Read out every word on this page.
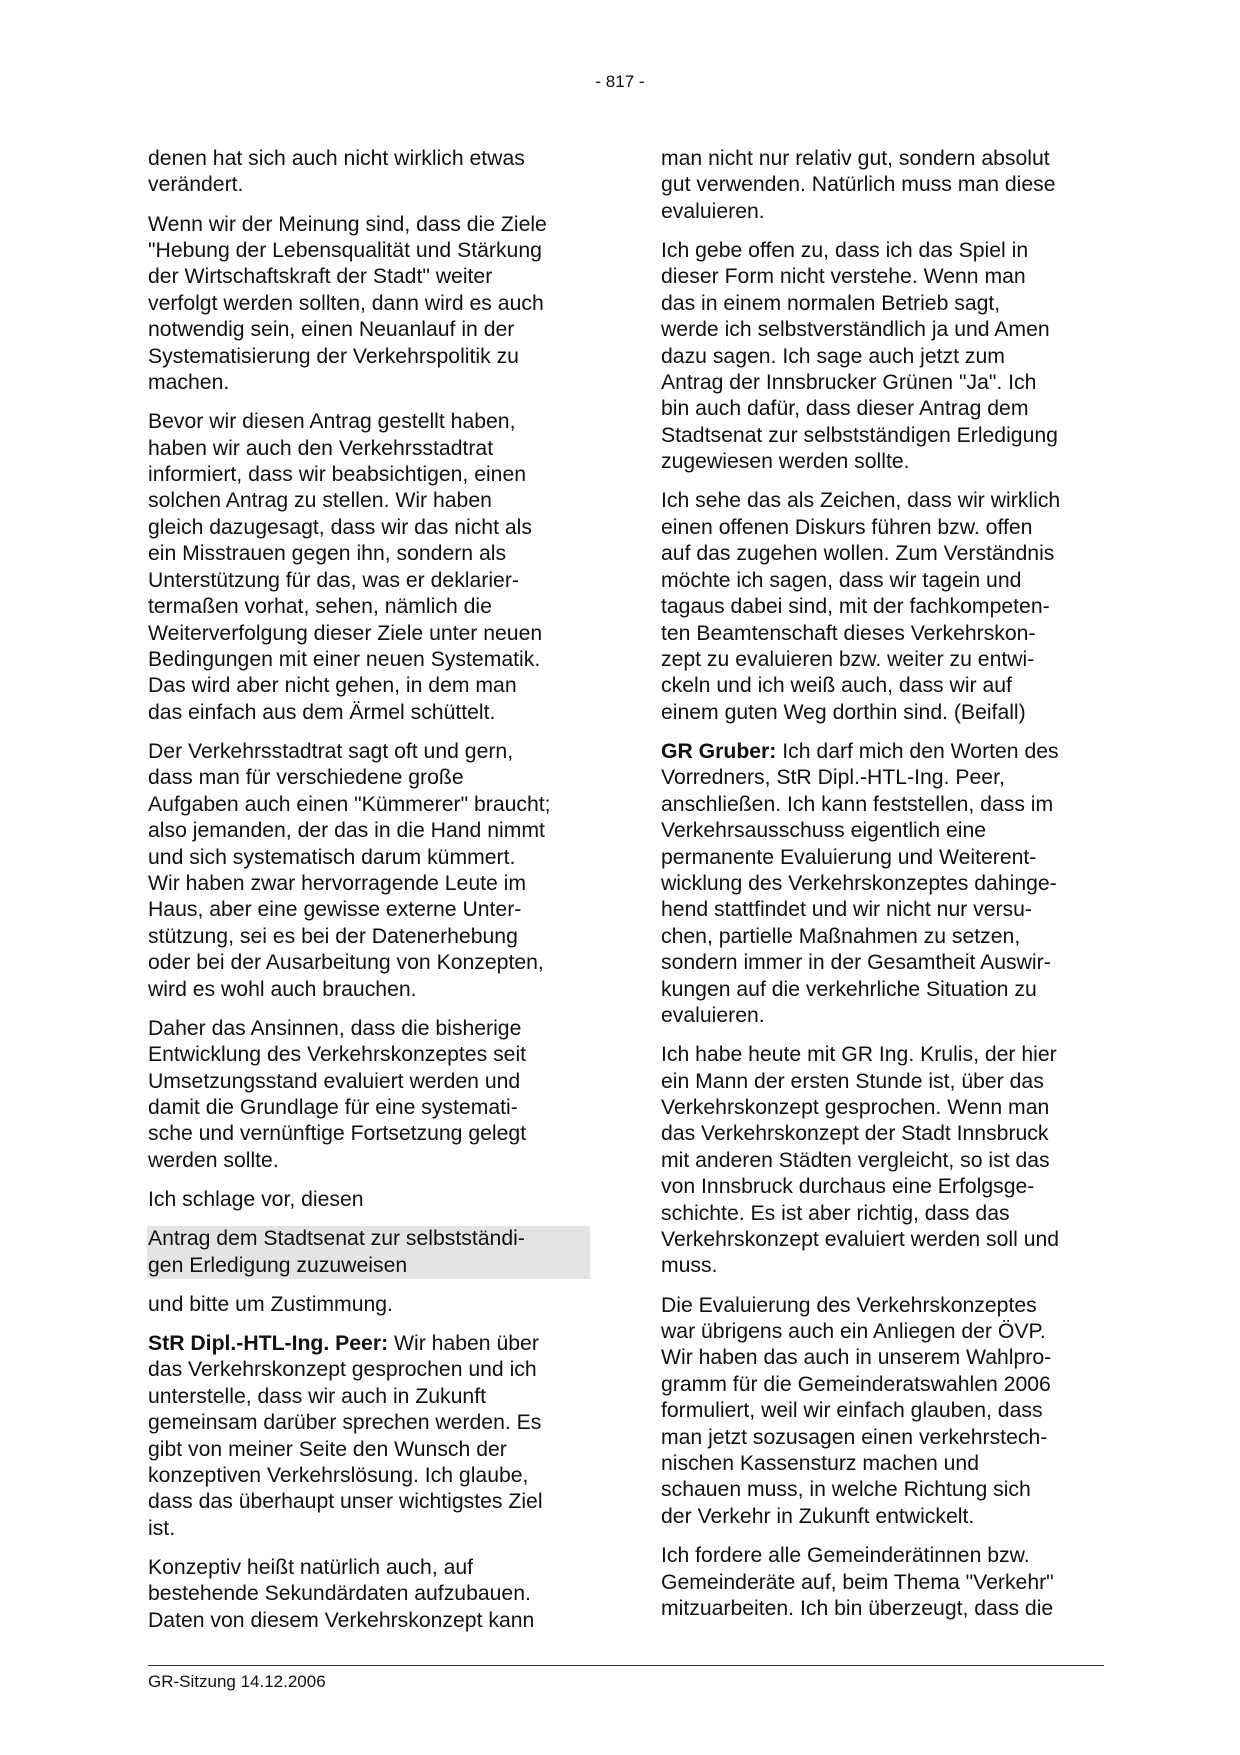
- 817 -

denen hat sich auch nicht wirklich etwas
verändert.

Wenn wir der Meinung sind, dass die Ziele
"Hebung der Lebensqualität und Stärkung
der Wirtschaftskraft der Stadt" weiter
verfolgt werden sollten, dann wird es auch
notwendig sein, einen Neuanlauf in der
Systematisierung der Verkehrspolitik zu
machen.

Bevor wir diesen Antrag gestellt haben,
haben wir auch den Verkehrsstadtrat
informiert, dass wir beabsichtigen, einen
solchen Antrag zu stellen. Wir haben
gleich dazugesagt, dass wir das nicht als
ein Misstrauen gegen ihn, sondern als
Unterstützung für das, was er deklarier-
termaßen vorhat, sehen, nämlich die
Weiterverfolgung dieser Ziele unter neuen
Bedingungen mit einer neuen Systematik.
Das wird aber nicht gehen, in dem man
das einfach aus dem Ärmel schüttelt.

Der Verkehrsstadtrat sagt oft und gern,
dass man für verschiedene große
Aufgaben auch einen "Kümmerer" braucht;
also jemanden, der das in die Hand nimmt
und sich systematisch darum kümmert.
Wir haben zwar hervorragende Leute im
Haus, aber eine gewisse externe Unter-
stützung, sei es bei der Datenerhebung
oder bei der Ausarbeitung von Konzepten,
wird es wohl auch brauchen.

Daher das Ansinnen, dass die bisherige
Entwicklung des Verkehrskonzeptes seit
Umsetzungsstand evaluiert werden und
damit die Grundlage für eine systemati-
sche und vernünftige Fortsetzung gelegt
werden sollte.

Ich schlage vor, diesen

Antrag dem Stadtsenat zur selbstständi-
gen Erledigung zuzuweisen

und bitte um Zustimmung.

StR Dipl.-HTL-Ing. Peer: Wir haben über
das Verkehrskonzept gesprochen und ich
unterstelle, dass wir auch in Zukunft
gemeinsam darüber sprechen werden. Es
gibt von meiner Seite den Wunsch der
konzeptiven Verkehrslösung. Ich glaube,
dass das überhaupt unser wichtigstes Ziel
ist.

Konzeptiv heißt natürlich auch, auf
bestehende Sekundärdaten aufzubauen.
Daten von diesem Verkehrskonzept kann

man nicht nur relativ gut, sondern absolut
gut verwenden. Natürlich muss man diese
evaluieren.

Ich gebe offen zu, dass ich das Spiel in
dieser Form nicht verstehe. Wenn man
das in einem normalen Betrieb sagt,
werde ich selbstverständlich ja und Amen
dazu sagen. Ich sage auch jetzt zum
Antrag der Innsbrucker Grünen "Ja". Ich
bin auch dafür, dass dieser Antrag dem
Stadtsenat zur selbstständigen Erledigung
zugewiesen werden sollte.

Ich sehe das als Zeichen, dass wir wirklich
einen offenen Diskurs führen bzw. offen
auf das zugehen wollen. Zum Verständnis
möchte ich sagen, dass wir tagein und
tagaus dabei sind, mit der fachkompeten-
ten Beamtenschaft dieses Verkehrskon-
zept zu evaluieren bzw. weiter zu entwi-
ckeln und ich weiß auch, dass wir auf
einem guten Weg dorthin sind. (Beifall)

GR Gruber: Ich darf mich den Worten des
Vorredners, StR Dipl.-HTL-Ing. Peer,
anschließen. Ich kann feststellen, dass im
Verkehrsausschuss eigentlich eine
permanente Evaluierung und Weiterent-
wicklung des Verkehrskonzeptes dahinge-
hend stattfindet und wir nicht nur versu-
chen, partielle Maßnahmen zu setzen,
sondern immer in der Gesamtheit Auswir-
kungen auf die verkehrliche Situation zu
evaluieren.

Ich habe heute mit GR Ing. Krulis, der hier
ein Mann der ersten Stunde ist, über das
Verkehrskonzept gesprochen. Wenn man
das Verkehrskonzept der Stadt Innsbruck
mit anderen Städten vergleicht, so ist das
von Innsbruck durchaus eine Erfolgsge-
schichte. Es ist aber richtig, dass das
Verkehrskonzept evaluiert werden soll und
muss.

Die Evaluierung des Verkehrskonzeptes
war übrigens auch ein Anliegen der ÖVP.
Wir haben das auch in unserem Wahlpro-
gramm für die Gemeinderatswahlen 2006
formuliert, weil wir einfach glauben, dass
man jetzt sozusagen einen verkehrstech-
nischen Kassensturz machen und
schauen muss, in welche Richtung sich
der Verkehr in Zukunft entwickelt.

Ich fordere alle Gemeinderätinnen bzw.
Gemeinderäte auf, beim Thema "Verkehr"
mitzuarbeiten. Ich bin überzeugt, dass die

GR-Sitzung 14.12.2006
